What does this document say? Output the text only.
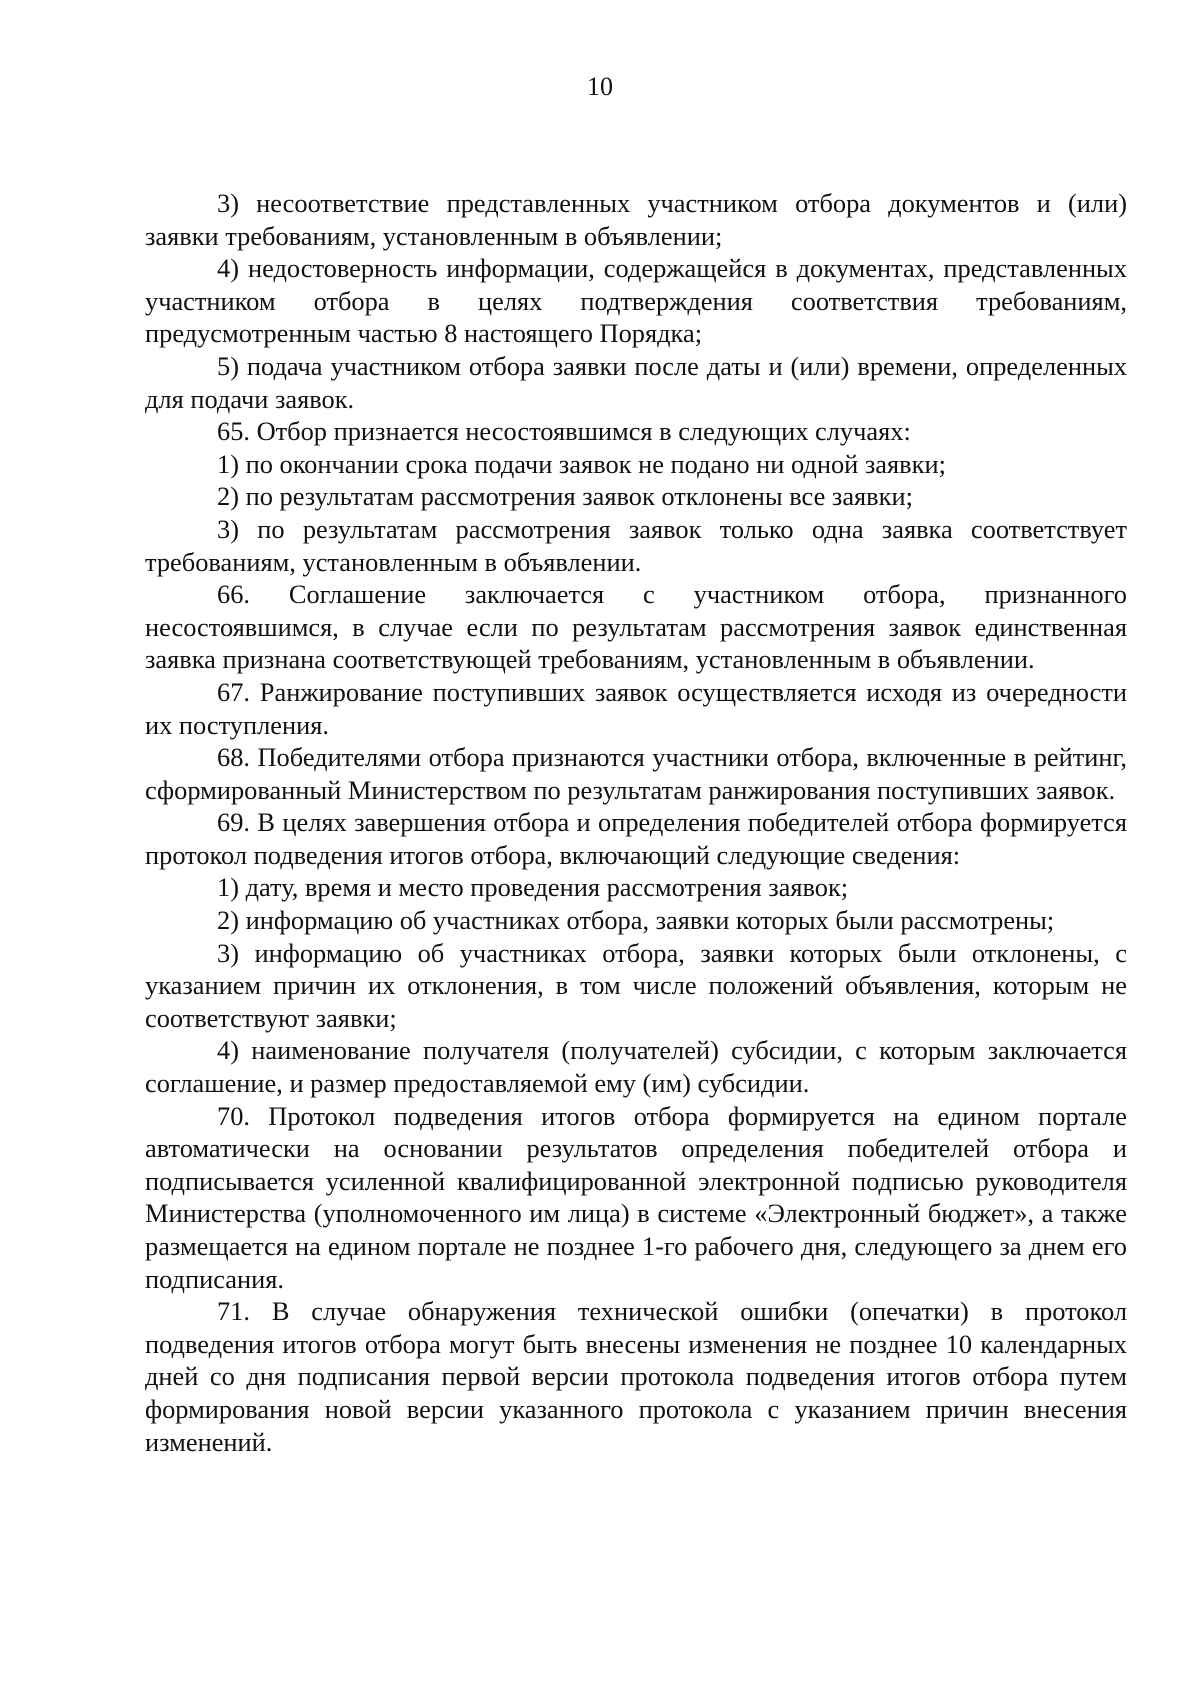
10

3) несоответствие представленных участником отбора документов и (или) заявки требованиям, установленным в объявлении;

4) недостоверность информации, содержащейся в документах, представленных участником отбора в целях подтверждения соответствия требованиям, предусмотренным частью 8 настоящего Порядка;

5) подача участником отбора заявки после даты и (или) времени, определенных для подачи заявок.

65. Отбор признается несостоявшимся в следующих случаях:

1) по окончании срока подачи заявок не подано ни одной заявки;

2) по результатам рассмотрения заявок отклонены все заявки;

3) по результатам рассмотрения заявок только одна заявка соответствует требованиям, установленным в объявлении.

66. Соглашение заключается с участником отбора, признанного несостоявшимся, в случае если по результатам рассмотрения заявок единственная заявка признана соответствующей требованиям, установленным в объявлении.

67. Ранжирование поступивших заявок осуществляется исходя из очередности их поступления.

68. Победителями отбора признаются участники отбора, включенные в рейтинг, сформированный Министерством по результатам ранжирования поступивших заявок.

69. В целях завершения отбора и определения победителей отбора формируется протокол подведения итогов отбора, включающий следующие сведения:

1) дату, время и место проведения рассмотрения заявок;

2) информацию об участниках отбора, заявки которых были рассмотрены;

3) информацию об участниках отбора, заявки которых были отклонены, с указанием причин их отклонения, в том числе положений объявления, которым не соответствуют заявки;

4) наименование получателя (получателей) субсидии, с которым заключается соглашение, и размер предоставляемой ему (им) субсидии.

70. Протокол подведения итогов отбора формируется на едином портале автоматически на основании результатов определения победителей отбора и подписывается усиленной квалифицированной электронной подписью руководителя Министерства (уполномоченного им лица) в системе «Электронный бюджет», а также размещается на едином портале не позднее 1-го рабочего дня, следующего за днем его подписания.

71. В случае обнаружения технической ошибки (опечатки) в протокол подведения итогов отбора могут быть внесены изменения не позднее 10 календарных дней со дня подписания первой версии протокола подведения итогов отбора путем формирования новой версии указанного протокола с указанием причин внесения изменений.
